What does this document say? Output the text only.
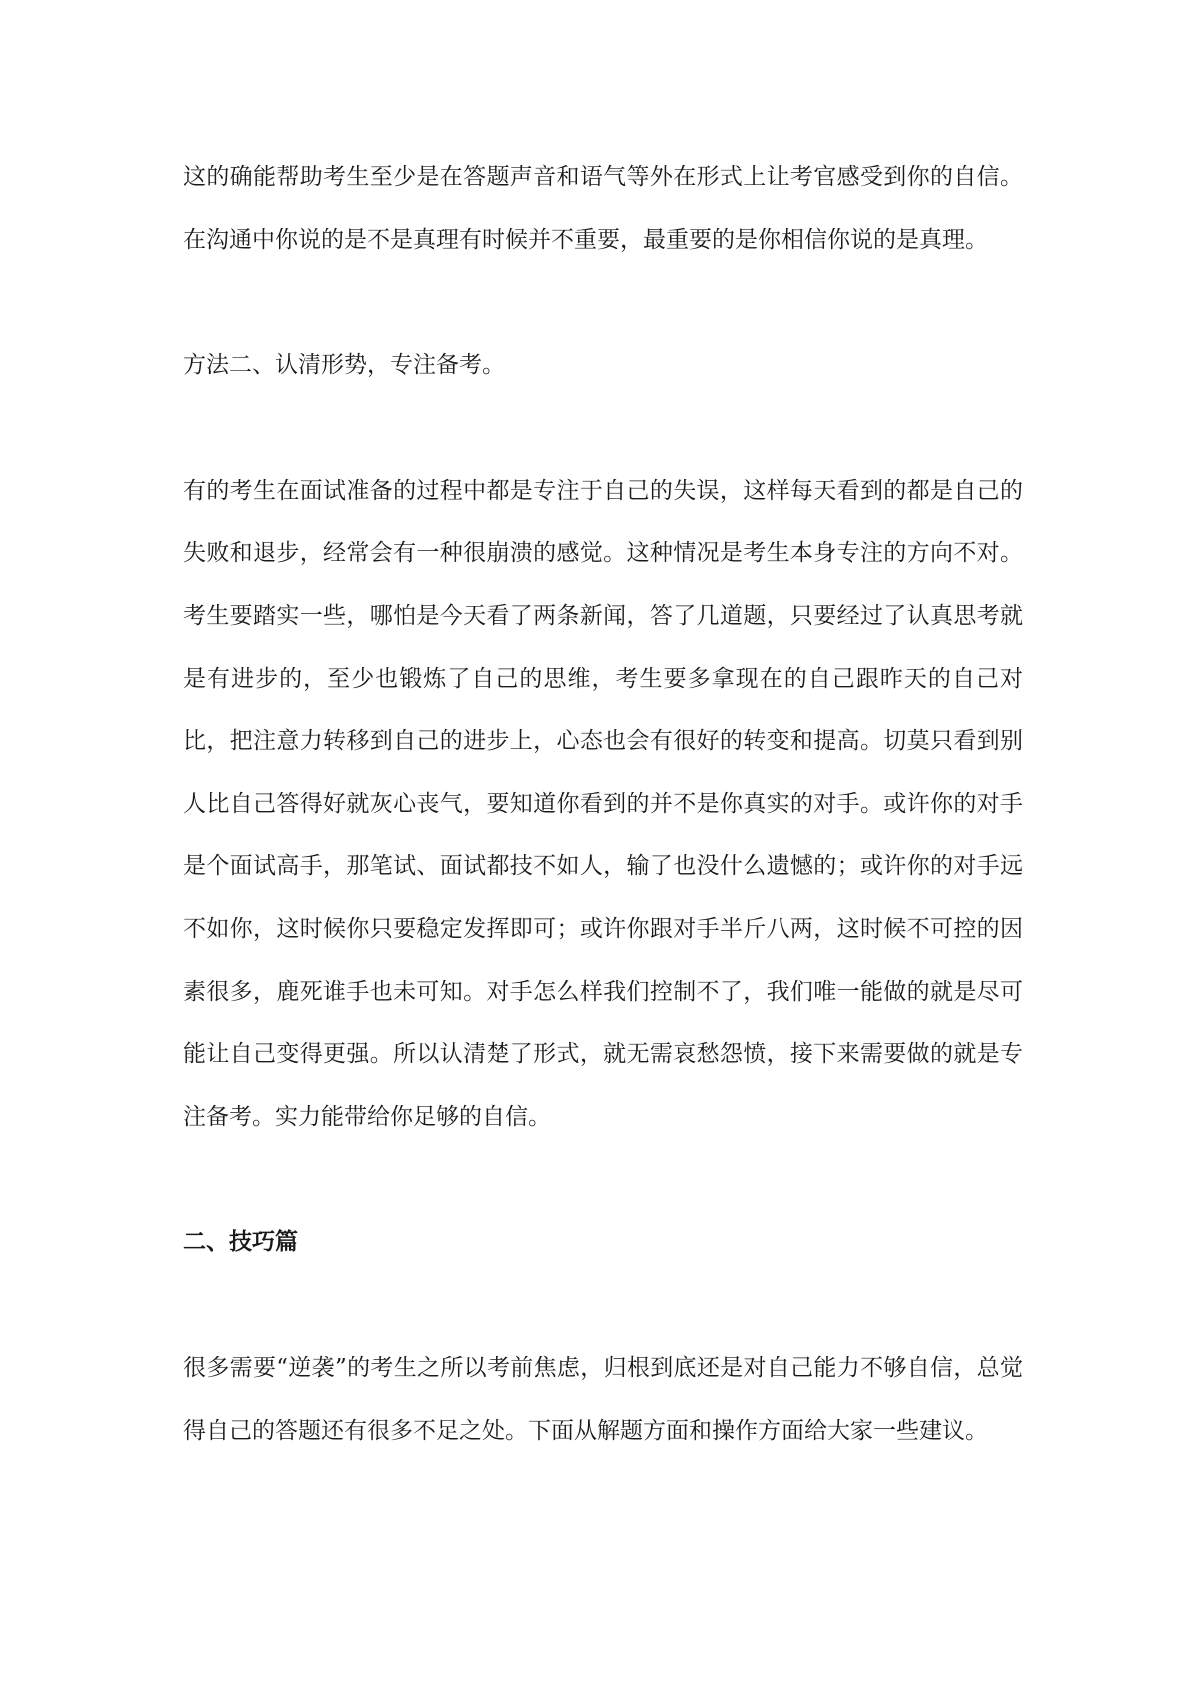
这的确能帮助考生至少是在答题声音和语气等外在形式上让考官感受到你的自信。在沟通中你说的是不是真理有时候并不重要，最重要的是你相信你说的是真理。

方法二、认清形势，专注备考。

有的考生在面试准备的过程中都是专注于自己的失误，这样每天看到的都是自己的失败和退步，经常会有一种很崩溃的感觉。这种情况是考生本身专注的方向不对。考生要踏实一些，哪怕是今天看了两条新闻，答了几道题，只要经过了认真思考就是有进步的，至少也锻炼了自己的思维，考生要多拿现在的自己跟昨天的自己对比，把注意力转移到自己的进步上，心态也会有很好的转变和提高。切莫只看到别人比自己答得好就灰心丧气，要知道你看到的并不是你真实的对手。或许你的对手是个面试高手，那笔试、面试都技不如人，输了也没什么遗憾的；或许你的对手远不如你，这时候你只要稳定发挥即可；或许你跟对手半斤八两，这时候不可控的因素很多，鹿死谁手也未可知。对手怎么样我们控制不了，我们唯一能做的就是尽可能让自己变得更强。所以认清楚了形式，就无需哀愁怨愤，接下来需要做的就是专注备考。实力能带给你足够的自信。

二、技巧篇

很多需要“逆袭”的考生之所以考前焦虑，归根到底还是对自己能力不够自信，总觉得自己的答题还有很多不足之处。下面从解题方面和操作方面给大家一些建议。
